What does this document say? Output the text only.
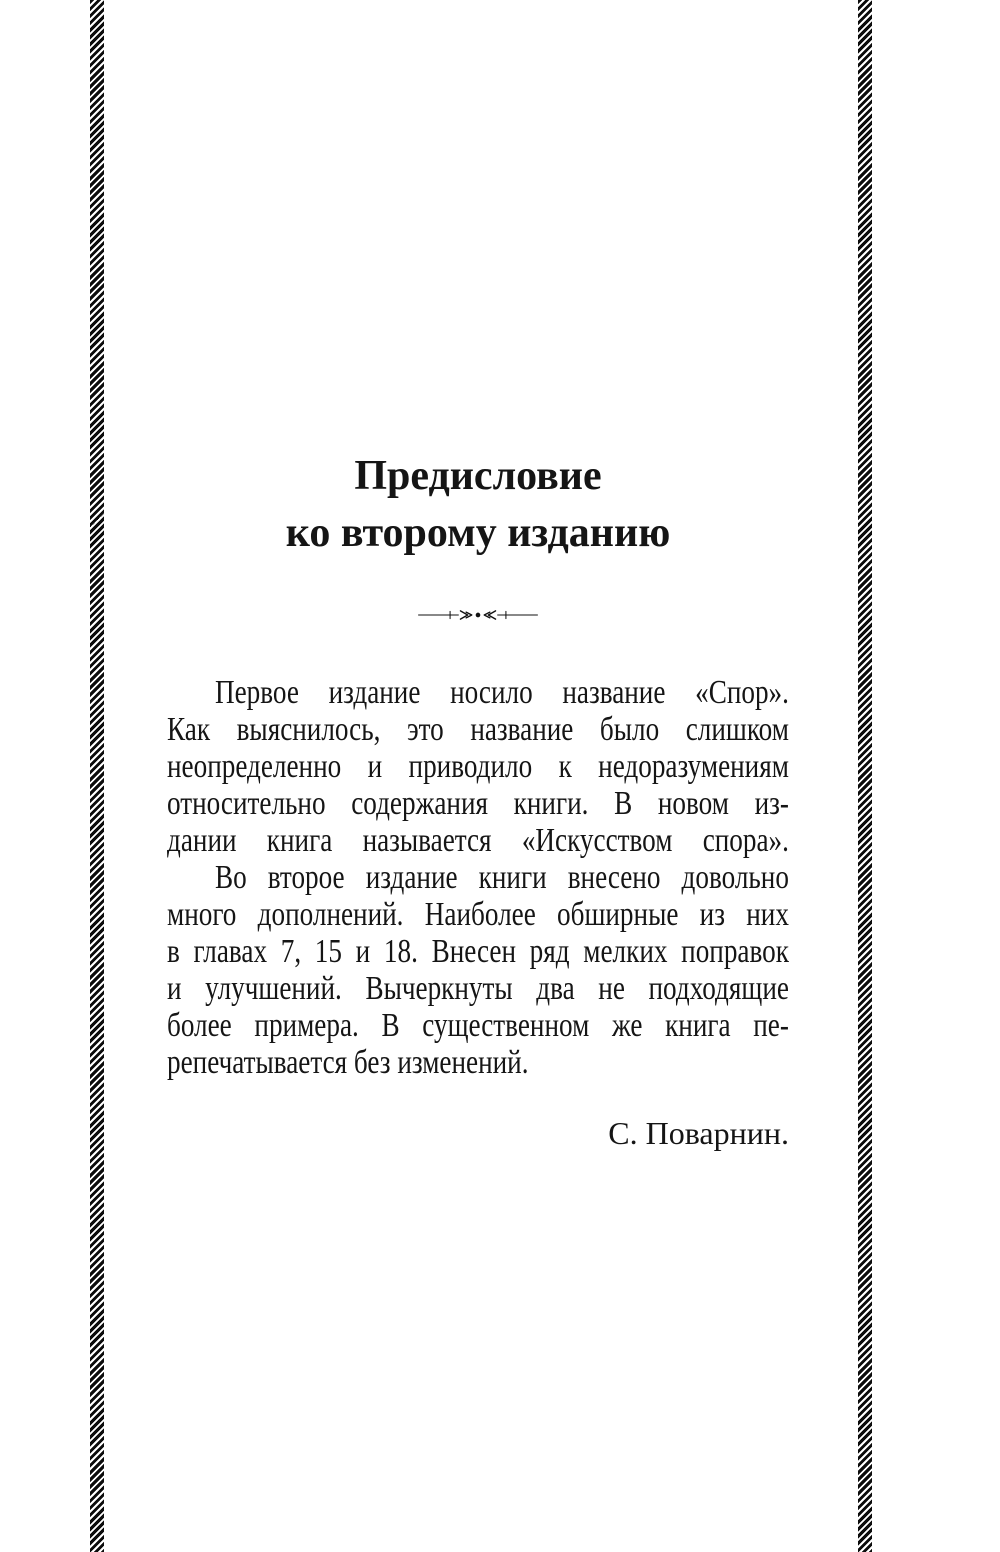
Предисловие
ко второму изданию
Первое издание носило название «Спор».
Как выяснилось, это название было слишком
неопределенно и приводило к недоразумениям
относительно содержания книги. В новом из-
дании книга называется «Искусством спора».
Во второе издание книги внесено довольно
много дополнений. Наиболее обширные из них
в главах 7, 15 и 18. Внесен ряд мелких поправок
и улучшений. Вычеркнуты два не подходящие
более примера. В существенном же книга пе-
репечатывается без изменений.
С. Поварнин.
